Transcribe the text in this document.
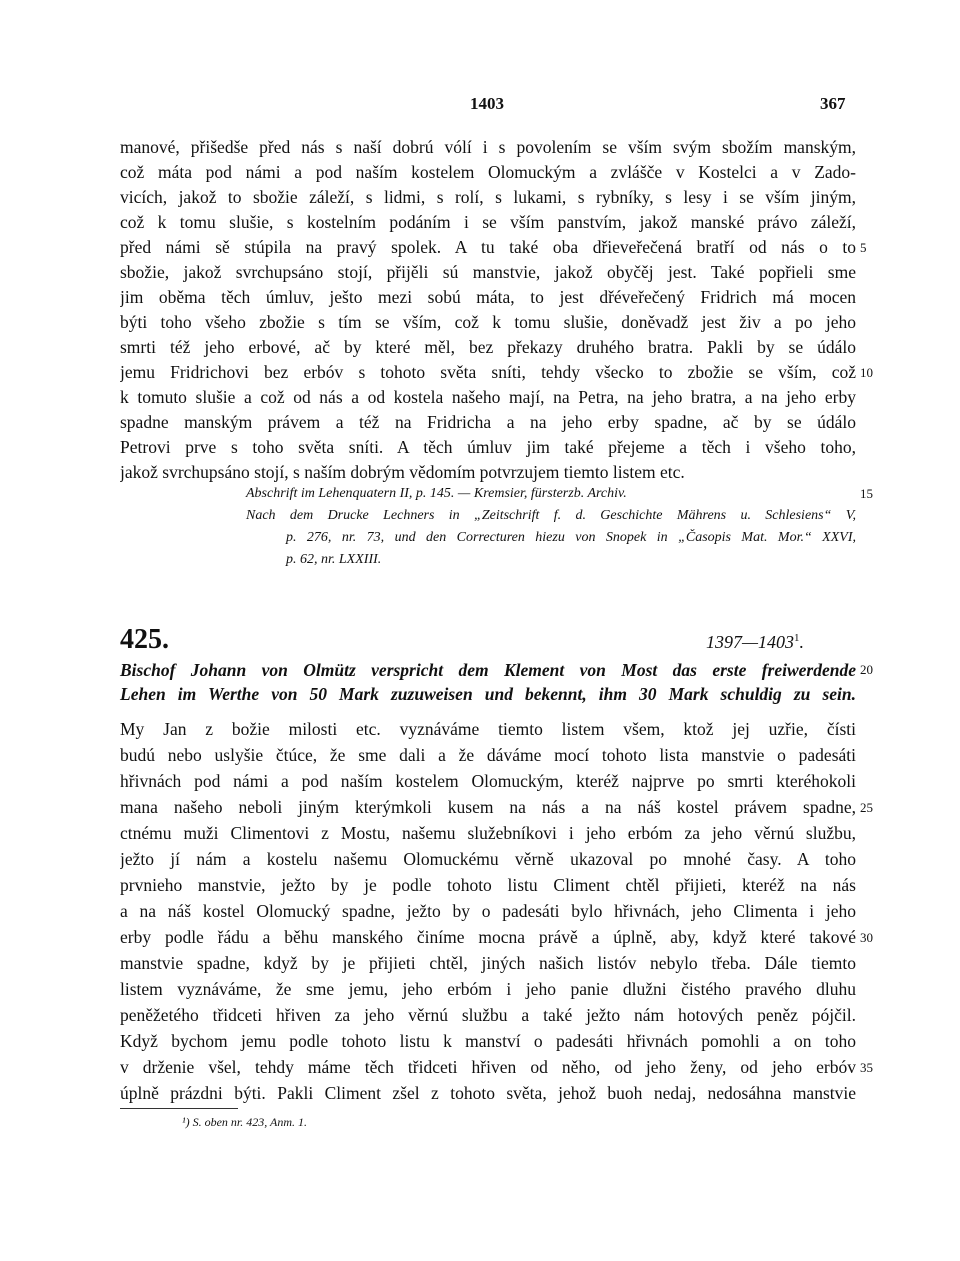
1403	367
manové, přišedše před nás s naší dobrú vólí i s povolením se vším svým sbožím manským,
což máta pod námi a pod naším kostelem Olomuckým a zvlášče v Kostelci a v Zado-
vicích, jakož to sbožie záleží, s lidmi, s rolí, s lukami, s rybníky, s lesy i se vším jiným,
což k tomu slušie, s kostelním podáním i se vším panstvím, jakož manské právo záleží,
před námi sě stúpila na pravý spolek. A tu také oba dřieveřečená bratří od nás o to
sbožie, jakož svrchupsáno stojí, přijěli sú manstvie, jakož obyčěj jest. Také popřieli sme
jim oběma těch úmluv, ješto mezi sobú máta, to jest dřéveřečený Fridrich má mocen
býti toho všeho zbožie s tím se vším, což k tomu slušie, doněvadž jest živ a po jeho
smrti též jeho erbové, ač by které měl, bez překazy druhého bratra. Pakli by se údálo
jemu Fridrichovi bez erbóv s tohoto světa sníti, tehdy všecko to zbožie se vším, což
k tomuto slušie a což od nás a od kostela našeho mají, na Petra, na jeho bratra, a na jeho erby
spadne manským právem a též na Fridricha a na jeho erby spadne, ač by se údálo
Petrovi prve s toho světa sníti. A těch úmluv jim také přejeme a těch i všeho toho,
jakož svrchupsáno stojí, s naším dobrým vědomím potvrzujem tiemto listem etc.
Abschrift im Lehenquatern II, p. 145. — Kremsier, fürsterzb. Archiv.
Nach dem Drucke Lechners in „Zeitschrift f. d. Geschichte Mährens u. Schlesiens“ V,
p. 276, nr. 73, und den Correcturen hiezu von Snopek in „Časopis Mat. Mor.“ XXVI,
p. 62, nr. LXXIII.
425.	1397—1403$^1$.
Bischof Johann von Olmütz verspricht dem Klement von Most das erste freiwerdende
Lehen im Werthe von 50 Mark zuzuweisen und bekennt, ihm 30 Mark schuldig zu sein.
My Jan z božie milosti etc. vyznáváme tiemto listem všem, ktož jej uzřie, čísti
budú nebo uslyšie čtúce, že sme dali a že dáváme mocí tohoto lista manstvie o padesáti
hřivnách pod námi a pod naším kostelem Olomuckým, kteréž najprve po smrti kteréhokoli
mana našeho neboli jiným kterýmkoli kusem na nás a na náš kostel právem spadne,
ctnému muži Climentovi z Mostu, našemu služebníkovi i jeho erbóm za jeho věrnú službu,
ježto jí nám a kostelu našemu Olomuckému věrně ukazoval po mnohé časy. A toho
prvnieho manstvie, ježto by je podle tohoto listu Climent chtěl přijieti, kteréž na nás
a na náš kostel Olomucký spadne, ježto by o padesáti bylo hřivnách, jeho Climenta i jeho
erby podle řádu a běhu manského činíme mocna právě a úplně, aby, když které takové
manstvie spadne, když by je přijieti chtěl, jiných našich listóv nebylo třeba. Dále tiemto
listem vyznáváme, že sme jemu, jeho erbóm i jeho panie dlužni čistého pravého dluhu
peněžetého třidceti hřiven za jeho věrnú službu a také ježto nám hotových peněz pójčil.
Když bychom jemu podle tohoto listu k manství o padesáti hřivnách pomohli a on toho
v drženie všel, tehdy máme těch třidceti hřiven od něho, od jeho ženy, od jeho erbóv
úplně prázdni býti. Pakli Climent zšel z tohoto světa, jehož buoh nedaj, nedosáhna manstvie
5
10
15
20
25
30
35
¹) S. oben nr. 423, Anm. 1.
